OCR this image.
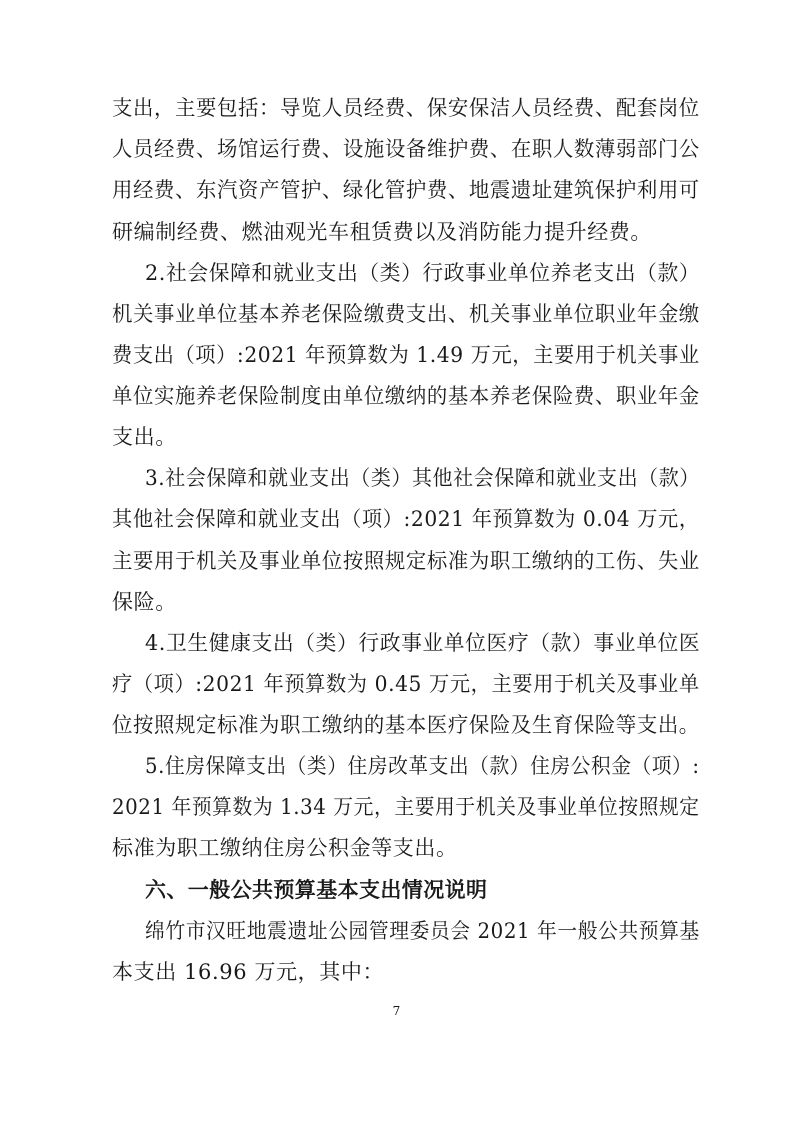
支出，主要包括：导览人员经费、保安保洁人员经费、配套岗位
人员经费、场馆运行费、设施设备维护费、在职人数薄弱部门公
用经费、东汽资产管护、绿化管护费、地震遗址建筑保护利用可
研编制经费、燃油观光车租赁费以及消防能力提升经费。
2.社会保障和就业支出（类）行政事业单位养老支出（款）
机关事业单位基本养老保险缴费支出、机关事业单位职业年金缴
费支出（项）:2021 年预算数为 1.49 万元，主要用于机关事业
单位实施养老保险制度由单位缴纳的基本养老保险费、职业年金
支出。
3.社会保障和就业支出（类）其他社会保障和就业支出（款）
其他社会保障和就业支出（项）:2021 年预算数为 0.04 万元，
主要用于机关及事业单位按照规定标准为职工缴纳的工伤、失业
保险。
4.卫生健康支出（类）行政事业单位医疗（款）事业单位医
疗（项）:2021 年预算数为 0.45 万元，主要用于机关及事业单
位按照规定标准为职工缴纳的基本医疗保险及生育保险等支出。
5.住房保障支出（类）住房改革支出（款）住房公积金（项）:
2021 年预算数为 1.34 万元，主要用于机关及事业单位按照规定
标准为职工缴纳住房公积金等支出。
六、一般公共预算基本支出情况说明
绵竹市汉旺地震遗址公园管理委员会 2021 年一般公共预算基
本支出 16.96 万元，其中：
7
